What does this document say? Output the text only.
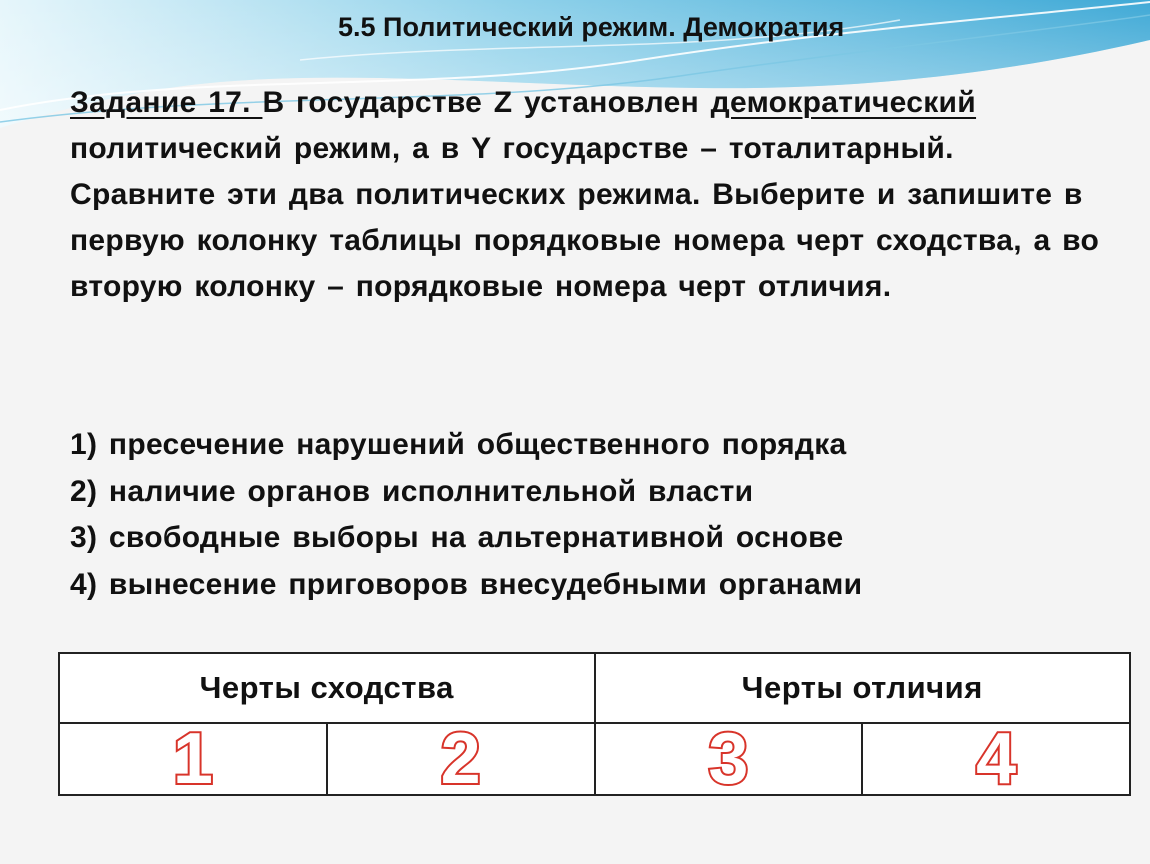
5.5 Политический режим. Демократия
Задание 17. В государстве Z установлен демократический политический режим, а в Y государстве – тоталитарный. Сравните эти два политических режима. Выберите и запишите в первую колонку таблицы порядковые номера черт сходства, а во вторую колонку – порядковые номера черт отличия.
1) пресечение нарушений общественного порядка
2) наличие органов исполнительной власти
3) свободные выборы на альтернативной основе
4) вынесение приговоров внесудебными органами
Черты сходства		Черты отличия	
1	2	3	4
